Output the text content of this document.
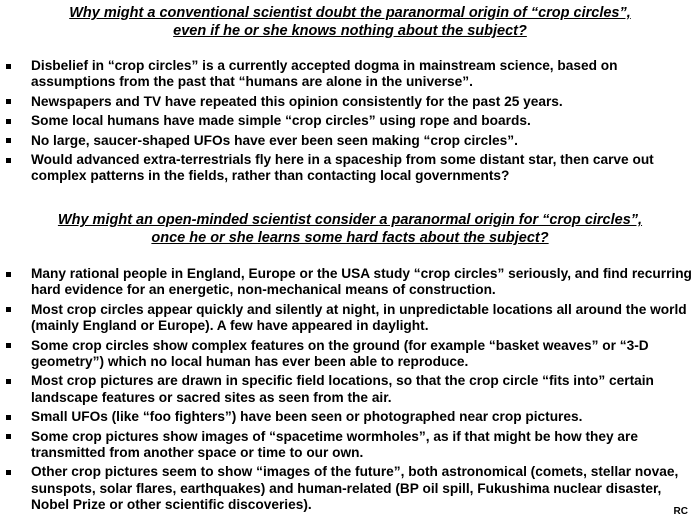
Why might a conventional scientist doubt the paranormal origin of “crop circles”,
even if he or she knows nothing about the subject?
Disbelief in “crop circles” is a currently accepted dogma in mainstream science, based on assumptions from the past that “humans are alone in the universe”.
Newspapers and TV have repeated this opinion consistently for the past 25 years.
Some local humans have made simple “crop circles” using rope and boards.
No large, saucer-shaped UFOs have ever been seen making “crop circles”.
Would advanced extra-terrestrials fly here in a spaceship from some distant star, then carve out complex patterns in the fields, rather than contacting local governments?
Why might an open-minded scientist consider a paranormal origin for “crop circles”,
once he or she learns some hard facts about the subject?
Many rational people in England, Europe or the USA study “crop circles” seriously, and find recurring hard evidence for an energetic, non-mechanical means of construction.
Most crop circles appear quickly and silently at night, in unpredictable locations all around the world (mainly England or Europe). A few have appeared in daylight.
Some crop circles show complex features on the ground (for example “basket weaves” or “3-D geometry”) which no local human has ever been able to reproduce.
Most crop pictures are drawn in specific field locations, so that the crop circle “fits into” certain landscape features or sacred sites as seen from the air.
Small UFOs (like “foo fighters”) have been seen or photographed near crop pictures.
Some crop pictures show images of “spacetime wormholes”, as if that might be how they are transmitted from another space or time to our own.
Other crop pictures seem to show “images of the future”, both astronomical (comets, stellar novae, sunspots, solar flares, earthquakes) and human-related (BP oil spill, Fukushima nuclear disaster, Nobel Prize or other scientific discoveries).	RC
